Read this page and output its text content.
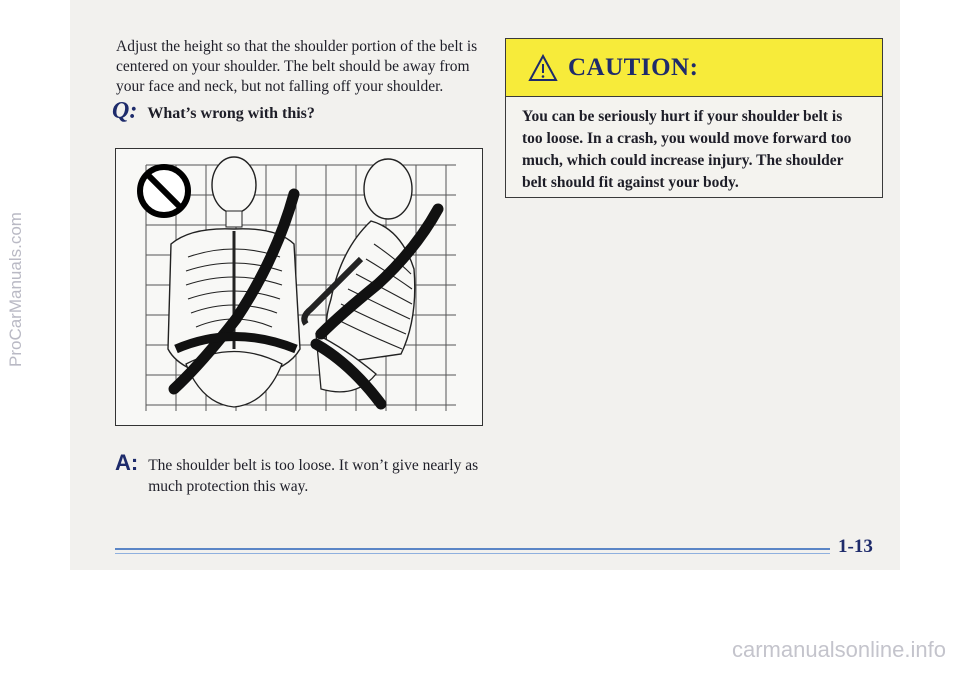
ProCarManuals.com
Adjust the height so that the shoulder portion of the belt is centered on your shoulder. The belt should be away from your face and neck, but not falling off your shoulder.
Q: What’s wrong with this?
A: The shoulder belt is too loose. It won’t give nearly as much protection this way.
CAUTION:
You can be seriously hurt if your shoulder belt is too loose. In a crash, you would move forward too much, which could increase injury. The shoulder belt should fit against your body.
1-13
carmanualsonline.info
